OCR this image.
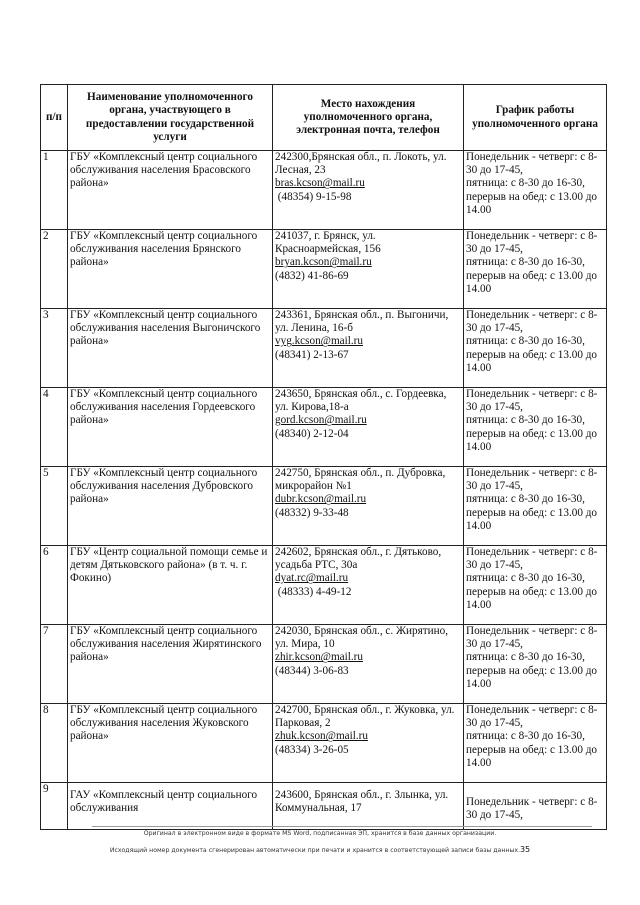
п/п	Наименование уполномоченного органа, участвующего в предоставлении государственной услуги	Место нахождения уполномоченного органа, электронная почта, телефон	График работы уполномоченного органа
1	ГБУ «Комплексный центр социального обслуживания населения Брасовского района»	242300,Брянская обл., п. Локоть, ул. Лесная, 23
bras.kcson@mail.ru
(48354) 9-15-98	Понедельник - четверг: с 8-30 до 17-45,
пятница: с 8-30 до 16-30,
перерыв на обед: с 13.00 до 14.00

2	ГБУ «Комплексный центр социального обслуживания населения Брянского района»	241037, г. Брянск, ул. Красноармейская, 156
bryan.kcson@mail.ru
(4832) 41-86-69	Понедельник - четверг: с 8-30 до 17-45,
пятница: с 8-30 до 16-30,
перерыв на обед: с 13.00 до 14.00

3	ГБУ «Комплексный центр социального обслуживания населения Выгоничского района»	243361, Брянская обл., п. Выгоничи, ул. Ленина, 16-б
vyg.kcson@mail.ru
(48341) 2-13-67	Понедельник - четверг: с 8-30 до 17-45,
пятница: с 8-30 до 16-30,
перерыв на обед: с 13.00 до 14.00

4	ГБУ «Комплексный центр социального обслуживания населения Гордеевского района»	243650, Брянская обл., с. Гордеевка, ул. Кирова,18-а
gord.kcson@mail.ru
(48340) 2-12-04	Понедельник - четверг: с 8-30 до 17-45,
пятница: с 8-30 до 16-30,
перерыв на обед: с 13.00 до 14.00

5	ГБУ «Комплексный центр социального обслуживания населения Дубровского района»	242750, Брянская обл., п. Дубровка, микрорайон №1
dubr.kcson@mail.ru
(48332) 9-33-48	Понедельник - четверг: с 8-30 до 17-45,
пятница: с 8-30 до 16-30,
перерыв на обед: с 13.00 до 14.00

6	ГБУ «Центр социальной помощи семье и детям Дятьковского района» (в т. ч. г. Фокино)	242602, Брянская обл., г. Дятьково, усадьба РТС, 30а
dyat.rc@mail.ru
(48333) 4-49-12	Понедельник - четверг: с 8-30 до 17-45,
пятница: с 8-30 до 16-30,
перерыв на обед: с 13.00 до 14.00

7	ГБУ «Комплексный центр социального обслуживания населения Жирятинского района»	242030, Брянская обл., с. Жирятино, ул. Мира, 10
zhir.kcson@mail.ru
(48344) 3-06-83	Понедельник - четверг: с 8-30 до 17-45,
пятница: с 8-30 до 16-30,
перерыв на обед: с 13.00 до 14.00

8	ГБУ «Комплексный центр социального обслуживания населения Жуковского района»	242700, Брянская обл., г. Жуковка, ул. Парковая, 2
zhuk.kcson@mail.ru
(48334) 3-26-05	Понедельник - четверг: с 8-30 до 17-45,
пятница: с 8-30 до 16-30,
перерыв на обед: с 13.00 до 14.00

9	ГАУ «Комплексный центр социального обслуживания	243600, Брянская обл., г. Злынка, ул. Коммунальная, 17	Понедельник - четверг: с 8-30 до 17-45,
Оригинал в электронном виде в формате MS Word, подписанная ЭП, хранится в базе данных организации.
Исходящий номер документа сгенерирован автоматически при печати и хранится в соответствующей записи базы данных.35
